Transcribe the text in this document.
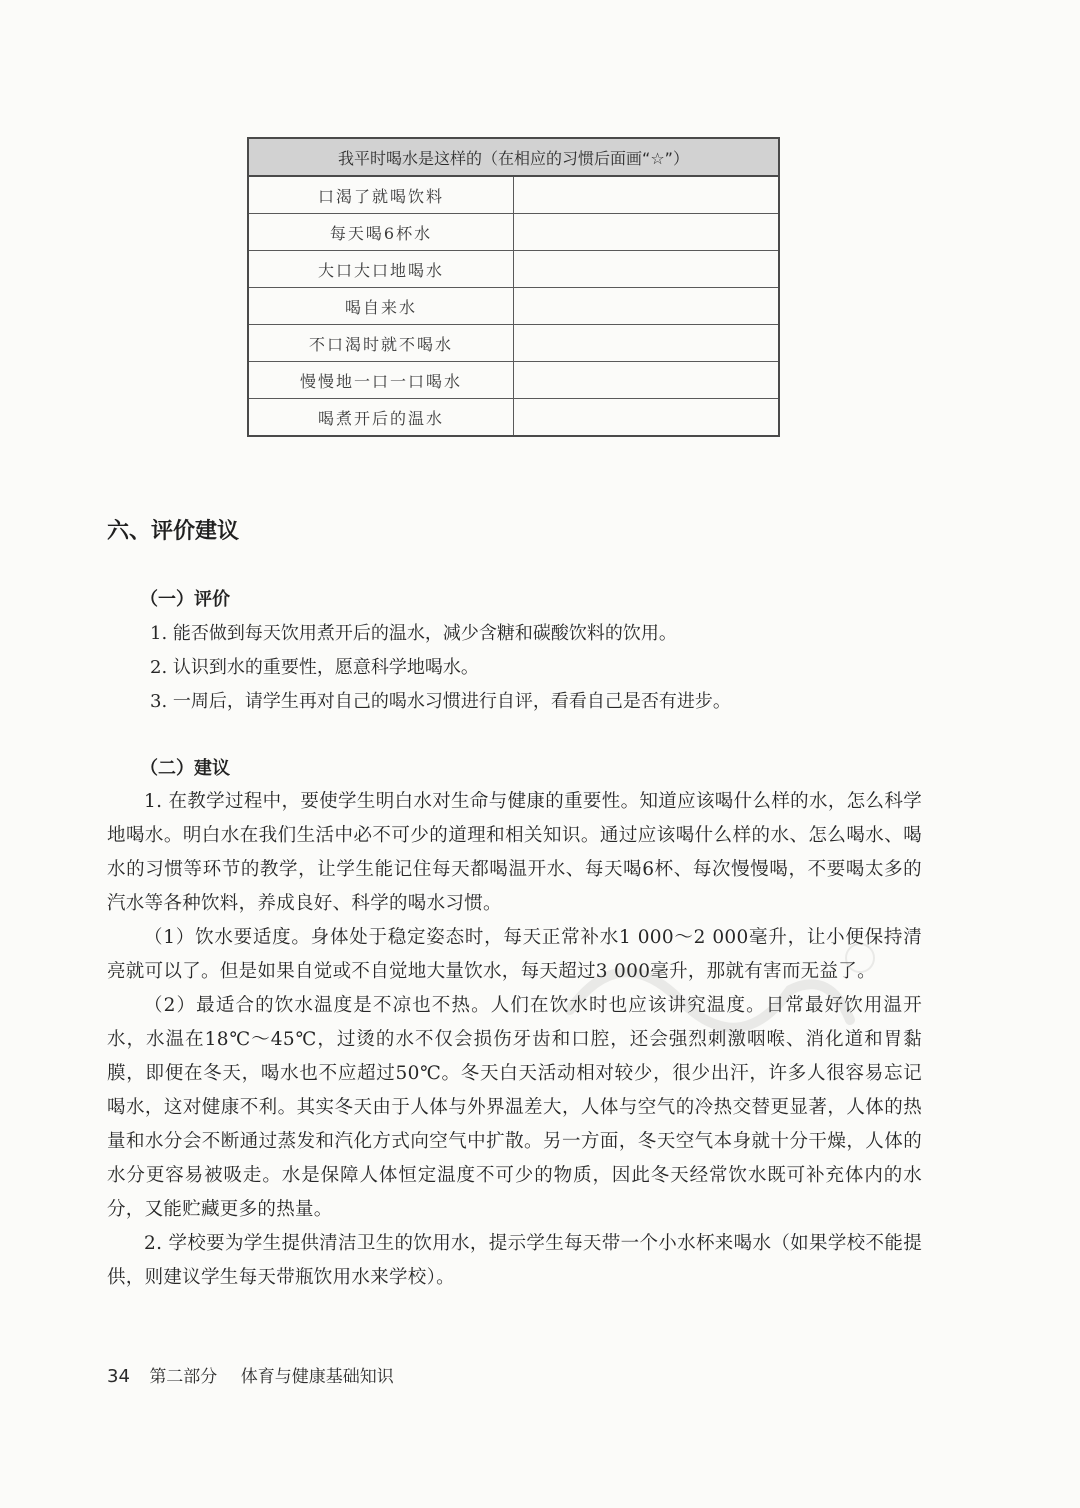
我平时喝水是这样的（在相应的习惯后面画“☆”）	
口渴了就喝饮料	
每天喝6杯水	
大口大口地喝水	
喝自来水	
不口渴时就不喝水	
慢慢地一口一口喝水	
喝煮开后的温水	
六、评价建议
（一）评价

1. 能否做到每天饮用煮开后的温水，减少含糖和碳酸饮料的饮用。

2. 认识到水的重要性，愿意科学地喝水。

3. 一周后，请学生再对自己的喝水习惯进行自评，看看自己是否有进步。

（二）建议

1. 在教学过程中，要使学生明白水对生命与健康的重要性。知道应该喝什么样的水，怎么科学地喝水。明白水在我们生活中必不可少的道理和相关知识。通过应该喝什么样的水、怎么喝水、喝水的习惯等环节的教学，让学生能记住每天都喝温开水、每天喝6杯、每次慢慢喝，不要喝太多的汽水等各种饮料，养成良好、科学的喝水习惯。

（1）饮水要适度。身体处于稳定姿态时，每天正常补水1 000～2 000毫升，让小便保持清亮就可以了。但是如果自觉或不自觉地大量饮水，每天超过3 000毫升，那就有害而无益了。

（2）最适合的饮水温度是不凉也不热。人们在饮水时也应该讲究温度。日常最好饮用温开水，水温在18℃～45℃，过烫的水不仅会损伤牙齿和口腔，还会强烈刺激咽喉、消化道和胃黏膜，即便在冬天，喝水也不应超过50℃。冬天白天活动相对较少，很少出汗，许多人很容易忘记喝水，这对健康不利。其实冬天由于人体与外界温差大，人体与空气的冷热交替更显著，人体的热量和水分会不断通过蒸发和汽化方式向空气中扩散。另一方面，冬天空气本身就十分干燥，人体的水分更容易被吸走。水是保障人体恒定温度不可少的物质，因此冬天经常饮水既可补充体内的水分，又能贮藏更多的热量。

2. 学校要为学生提供清洁卫生的饮用水，提示学生每天带一个小水杯来喝水（如果学校不能提供，则建议学生每天带瓶饮用水来学校）。

34 第二部分 体育与健康基础知识
